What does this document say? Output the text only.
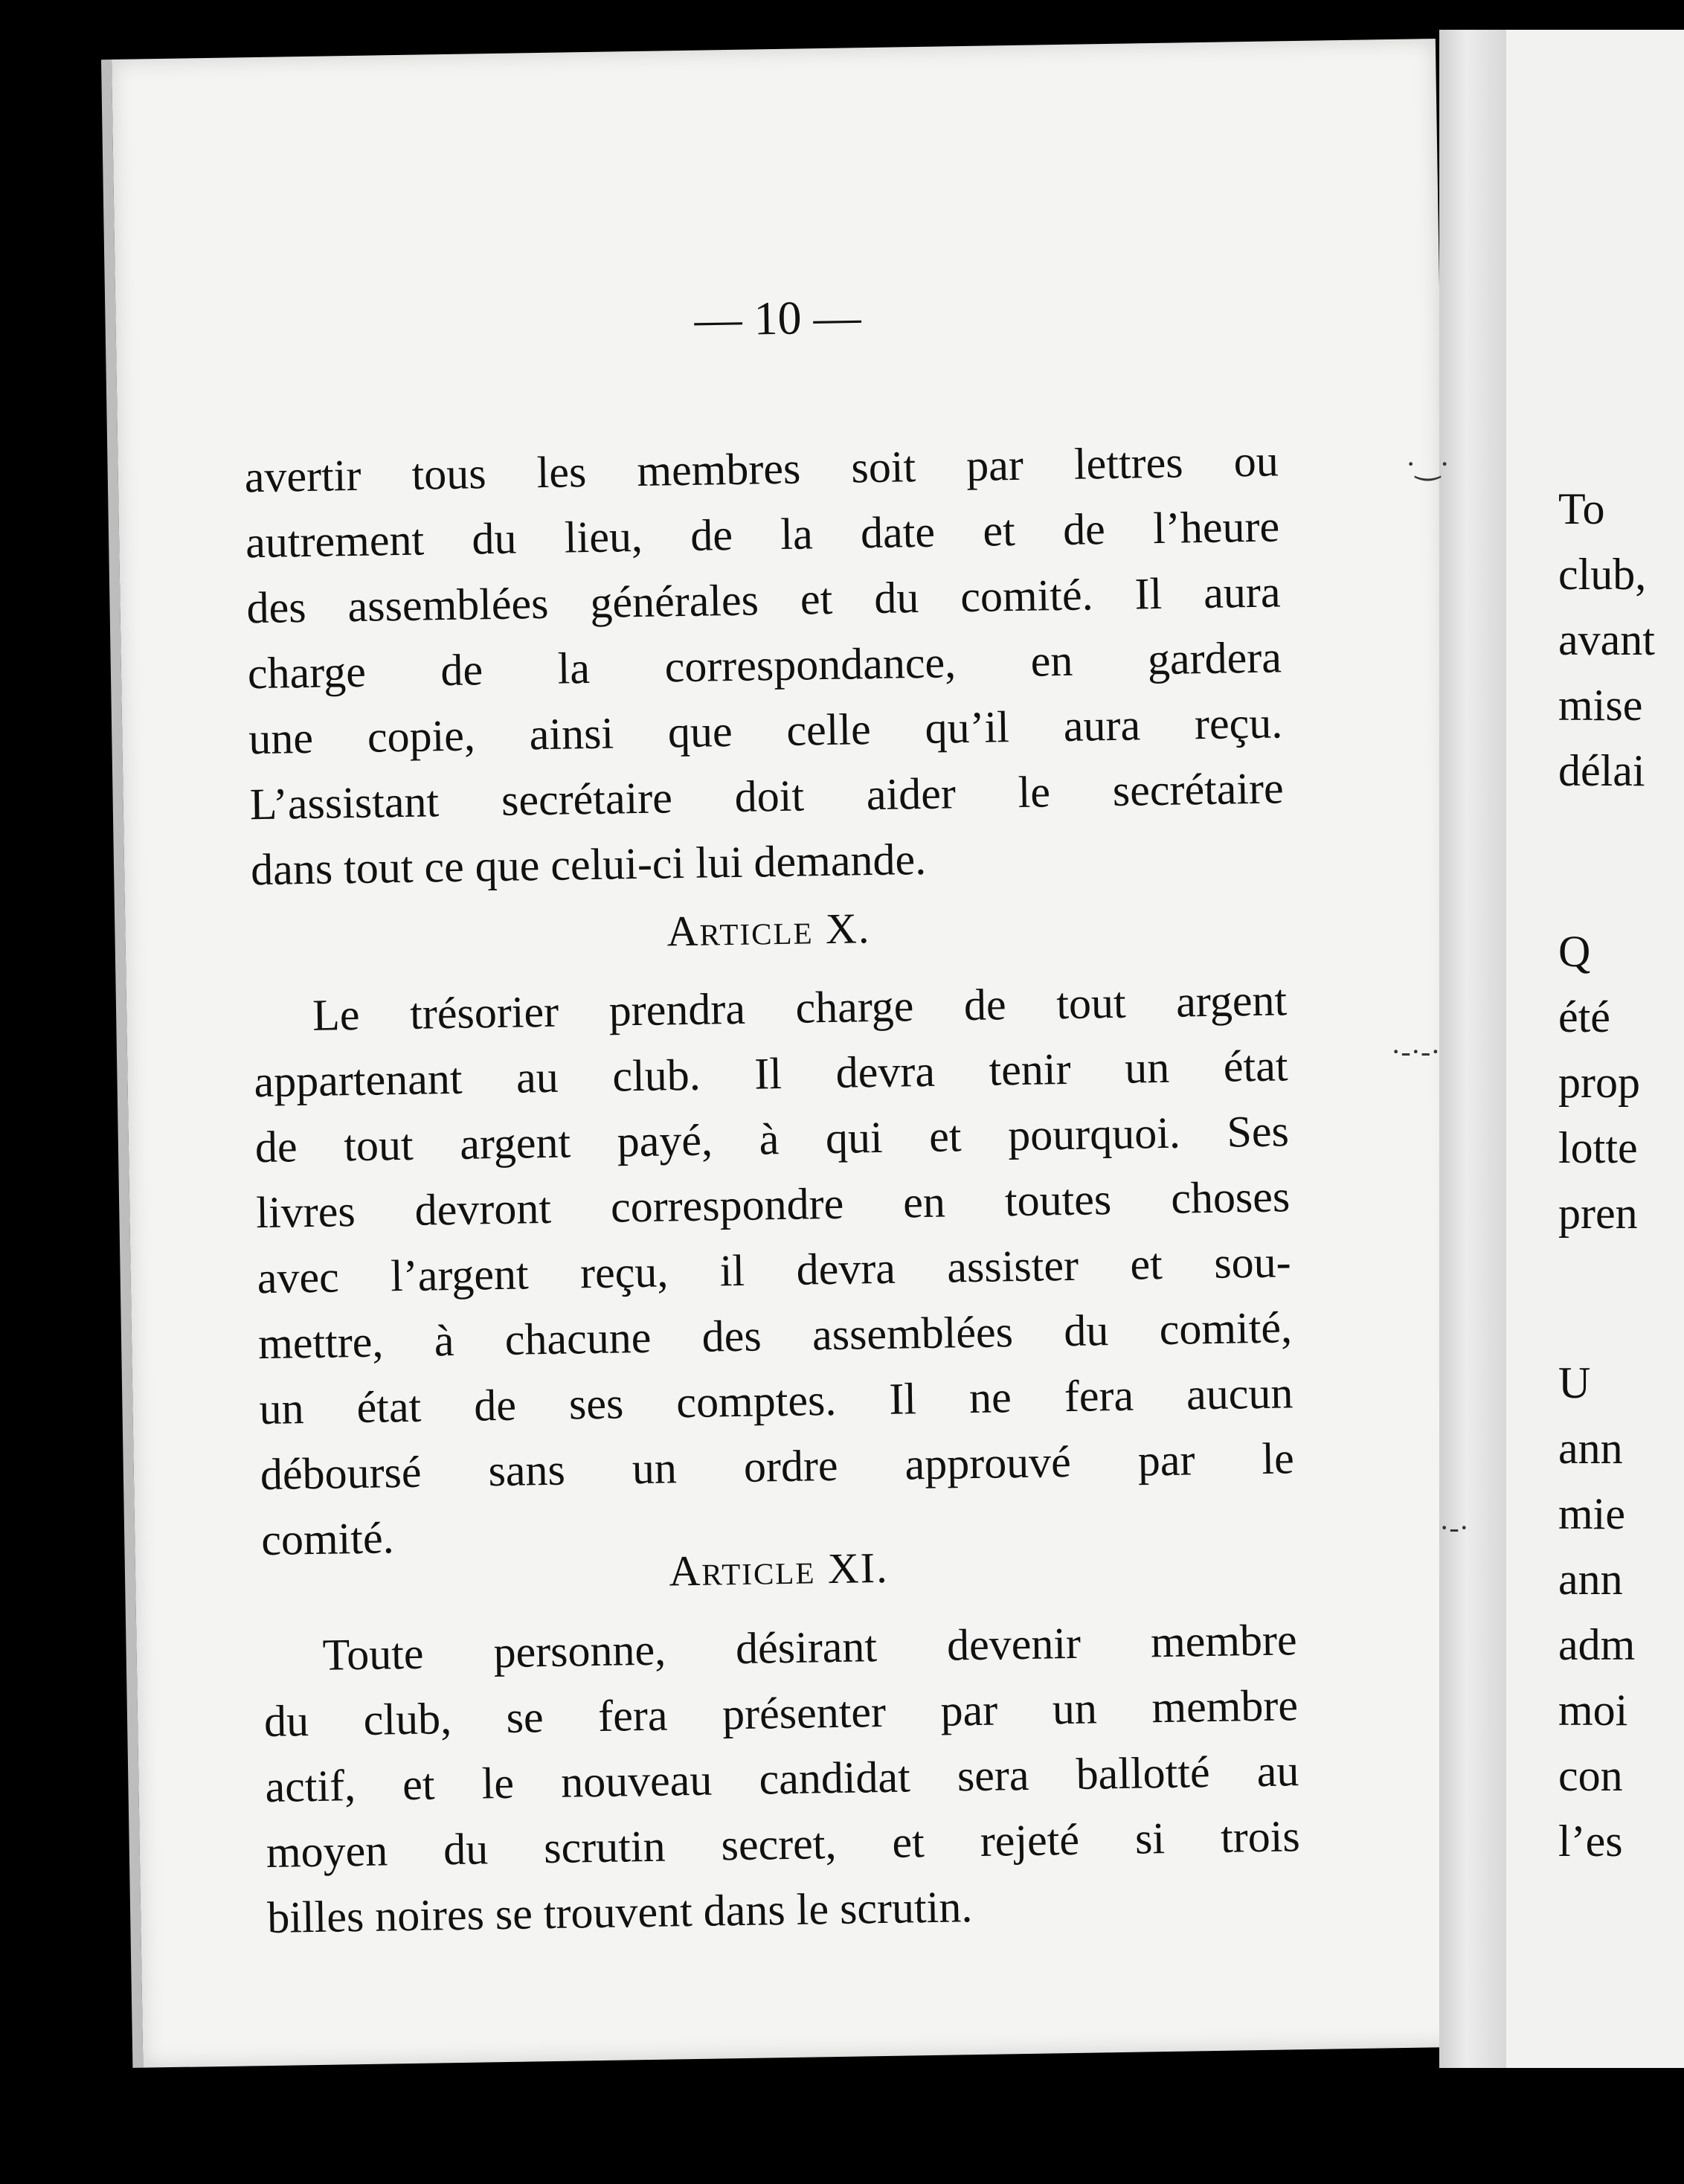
— 10 —
avertir tous les membres soit par lettres ou
autrement du lieu, de la date et de l’heure
des assemblées générales et du comité. Il aura
charge de la correspondance, en gardera
une copie, ainsi que celle qu’il aura reçu.
L’assistant secrétaire doit aider le secrétaire
dans tout ce que celui-ci lui demande.
Article X.
Le trésorier prendra charge de tout argent
appartenant au club. Il devra tenir un état
de tout argent payé, à qui et pourquoi. Ses
livres devront correspondre en toutes choses
avec l’argent reçu, il devra assister et sou-
mettre, à chacune des assemblées du comité,
un état de ses comptes. Il ne fera aucun
déboursé sans un ordre approuvé par le
comité.
Article XI.
Toute personne, désirant devenir membre
du club, se fera présenter par un membre
actif, et le nouveau candidat sera ballotté au
moyen du scrutin secret, et rejeté si trois
billes noires se trouvent dans le scrutin.
To
club,
avant
mise
délai
Q
été
prop
lotte
pren
U
ann
mie
ann
adm
moi
con
l’es
·‿·
·-·-·
·-·
